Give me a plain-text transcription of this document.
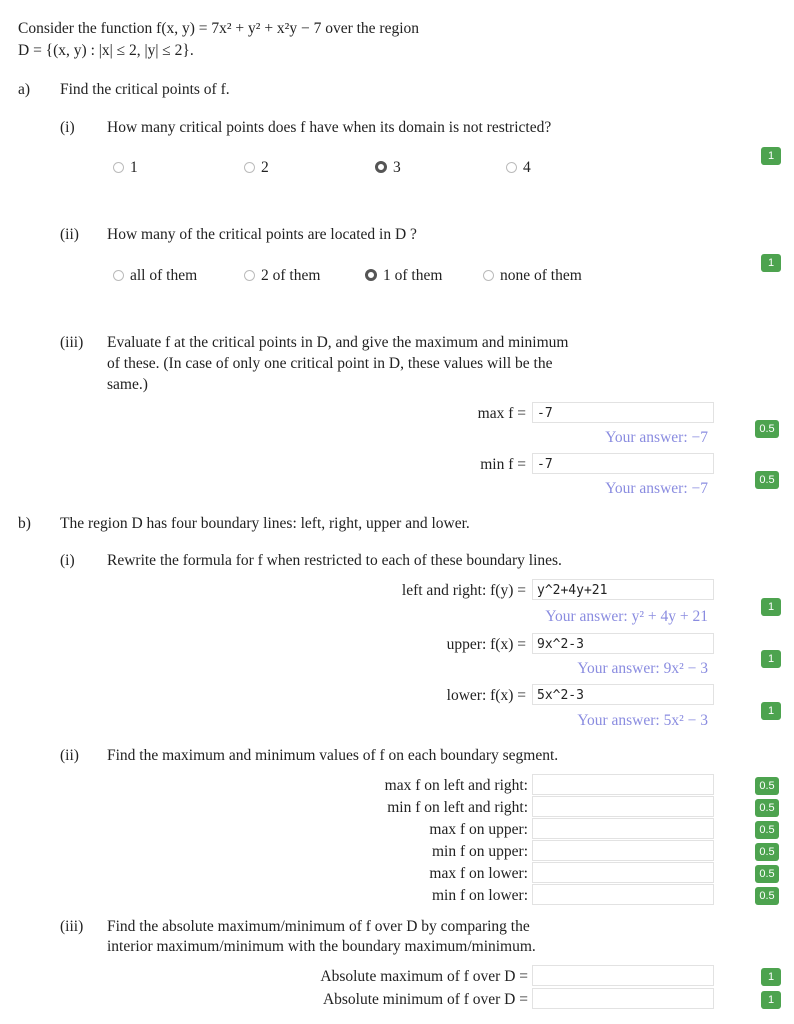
Consider the function f(x, y) = 7x² + y² + x²y − 7 over the region
D = {(x, y) : |x| ≤ 2, |y| ≤ 2}.
a) Find the critical points of f.
(i) How many critical points does f have when its domain is not restricted?
1	2	3	4
1
(ii) How many of the critical points are located in D ?
all of them	2 of them	1 of them	none of them
1
(iii) Evaluate f at the critical points in D, and give the maximum and minimum
of these. (In case of only one critical point in D, these values will be the
same.)
max f = -7
Your answer: −7	0.5
min f = -7
Your answer: −7	0.5
b) The region D has four boundary lines: left, right, upper and lower.
(i) Rewrite the formula for f when restricted to each of these boundary lines.
left and right: f(y) = y^2+4y+21
Your answer: y² + 4y + 21
1
upper: f(x) = 9x^2-3
Your answer: 9x² − 3
1
lower: f(x) = 5x^2-3
Your answer: 5x² − 3
1
(ii) Find the maximum and minimum values of f on each boundary segment.
max f on left and right:	0.5
min f on left and right:	0.5
max f on upper:	0.5
min f on upper:	0.5
max f on lower:	0.5
min f on lower:	0.5
(iii) Find the absolute maximum/minimum of f over D by comparing the
interior maximum/minimum with the boundary maximum/minimum.
Absolute maximum of f over D =	1
Absolute minimum of f over D =	1
